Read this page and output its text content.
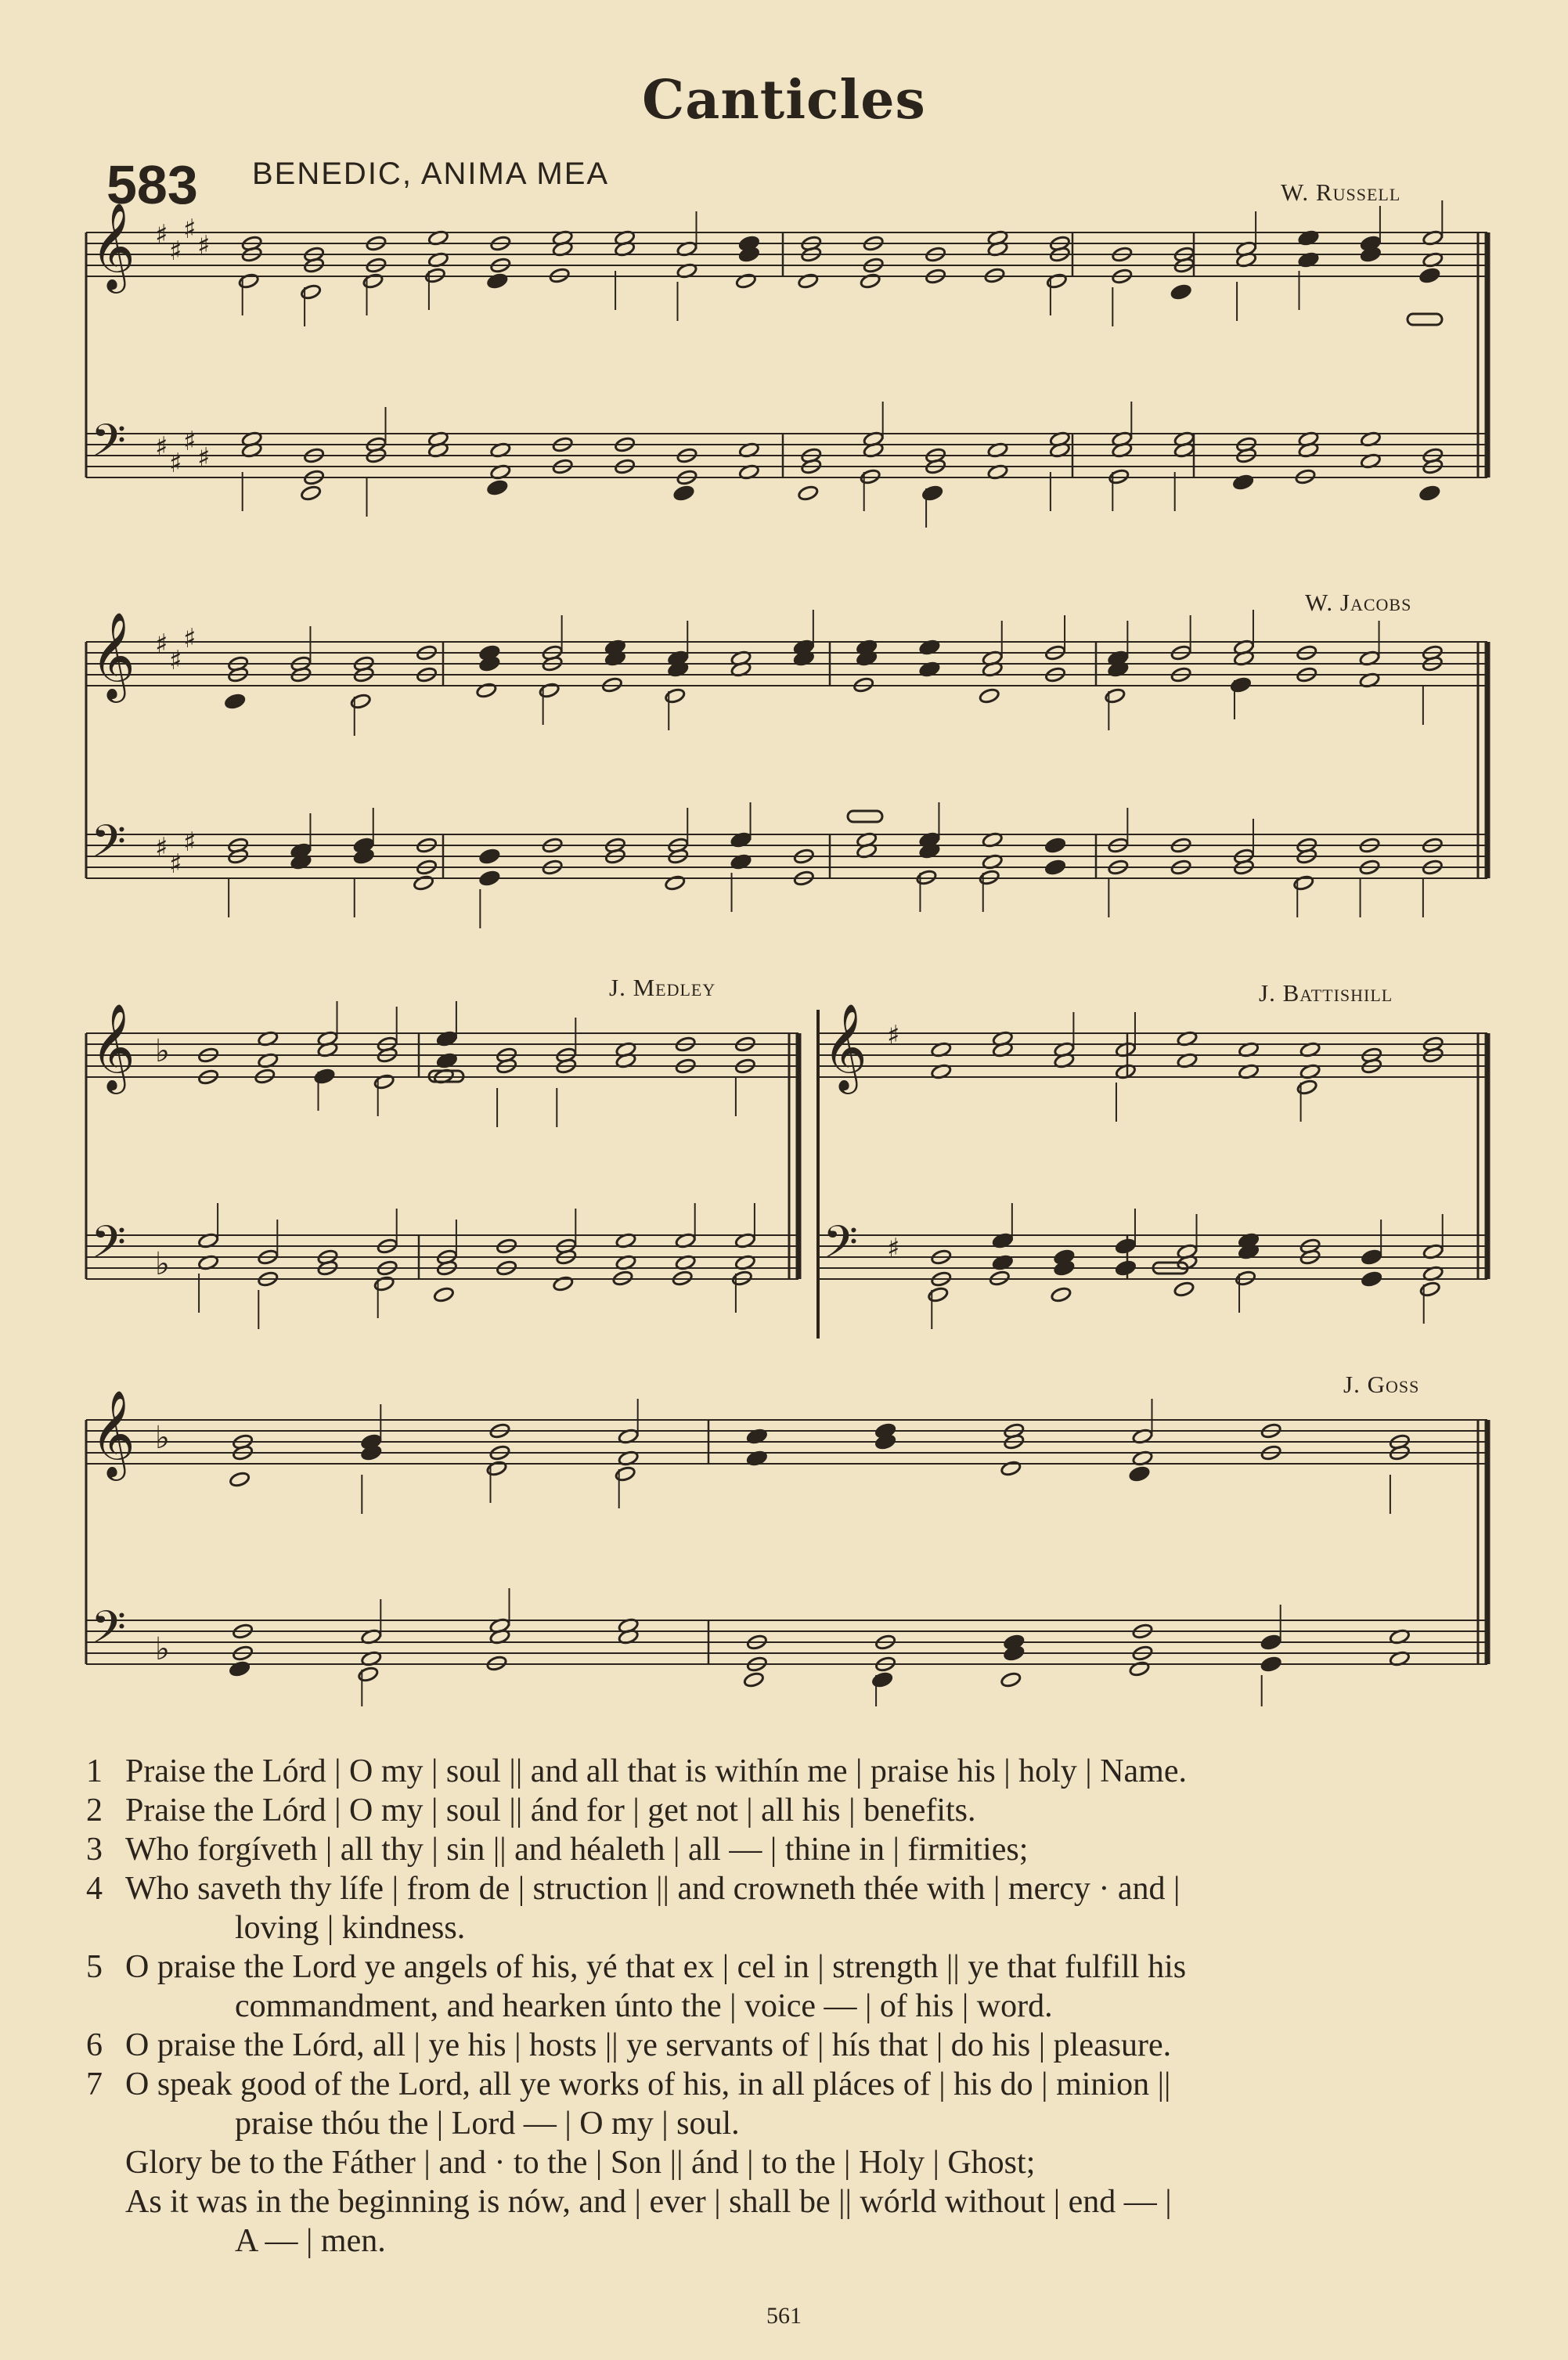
Canticles
583 BENEDIC, ANIMA MEA
W. Russell
W. Jacobs
J. Medley	J. Battishill
J. Goss
𝄞
𝄢
♯
♯
♯
♯
♯
♯
♯
♯
𝄞
𝄢
♯
♯
♯
♯
♯
♯
𝄞
𝄢
♭
♭
𝄞
𝄢
♯
♯
𝄞
𝄢
♭
♭
1 Praise the Lórd | O my | soul || and all that is withín me | praise his | holy | Name.
2 Praise the Lórd | O my | soul || ánd for | get not | all his | benefits.
3 Who forgíveth | all thy | sin || and héaleth | all — | thine in | firmities;
4 Who saveth thy lífe | from de | struction || and crowneth thée with | mercy · and |
loving | kindness.
5 O praise the Lord ye angels of his, yé that ex | cel in | strength || ye that fulfill his
commandment, and hearken únto the | voice — | of his | word.
6 O praise the Lórd, all | ye his | hosts || ye servants of | hís that | do his | pleasure.
7 O speak good of the Lord, all ye works of his, in all pláces of | his do | minion ||
praise thóu the | Lord — | O my | soul.
Glory be to the Fáther | and · to the | Son || ánd | to the | Holy | Ghost;
As it was in the beginning is nów, and | ever | shall be || wórld without | end — |
A — | men.
561
